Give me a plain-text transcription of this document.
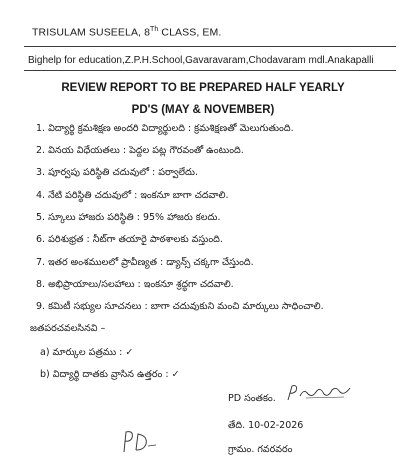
TRISULAM SUSEELA, 8Th CLASS, EM.
Bighelp for education,Z.P.H.School,Gavaravaram,Chodavaram mdl.Anakapalli
REVIEW REPORT TO BE PREPARED HALF YEARLY
PD'S (MAY & NOVEMBER)
1. విద్యార్థి క్రమశిక్షణ అందరి విద్యార్థులది : క్రమశిక్షణతో మెలుగుతుంది.
2. వినయ విధేయతలు : పెద్దల పట్ల గౌరవంతో ఉంటుంది.
3. పూర్వపు పరిస్థితి చదువులో : పర్వాలేదు.
4. నేటి పరిస్థితి చదువులో : ఇంకనూ బాగా చదవాలి.
5. స్కూలు హాజరు పరిస్థితి : 95% హాజరు కలదు.
6. పరిశుభ్రత : నీట్‌గా తయారై పాఠశాలకు వస్తుంది.
7. ఇతర అంశములలో ప్రావీణ్యత : డ్యాన్స్ చక్కగా చేస్తుంది.
8. అభిప్రాయాలు/సలహాలు : ఇంకనూ శ్రద్ధగా చదవాలి.
9. కమిటీ సభ్యుల సూచనలు : బాగా చదువుకుని మంచి మార్కులు సాధించాలి.
జతపరచవలసినవి –
a) మార్కుల పత్రము : ✓
b) విద్యార్థి దాతకు వ్రాసిన ఉత్తరం : ✓
PD సంతకం.
తేది. 10-02-2026
గ్రామం. గవరవరం
